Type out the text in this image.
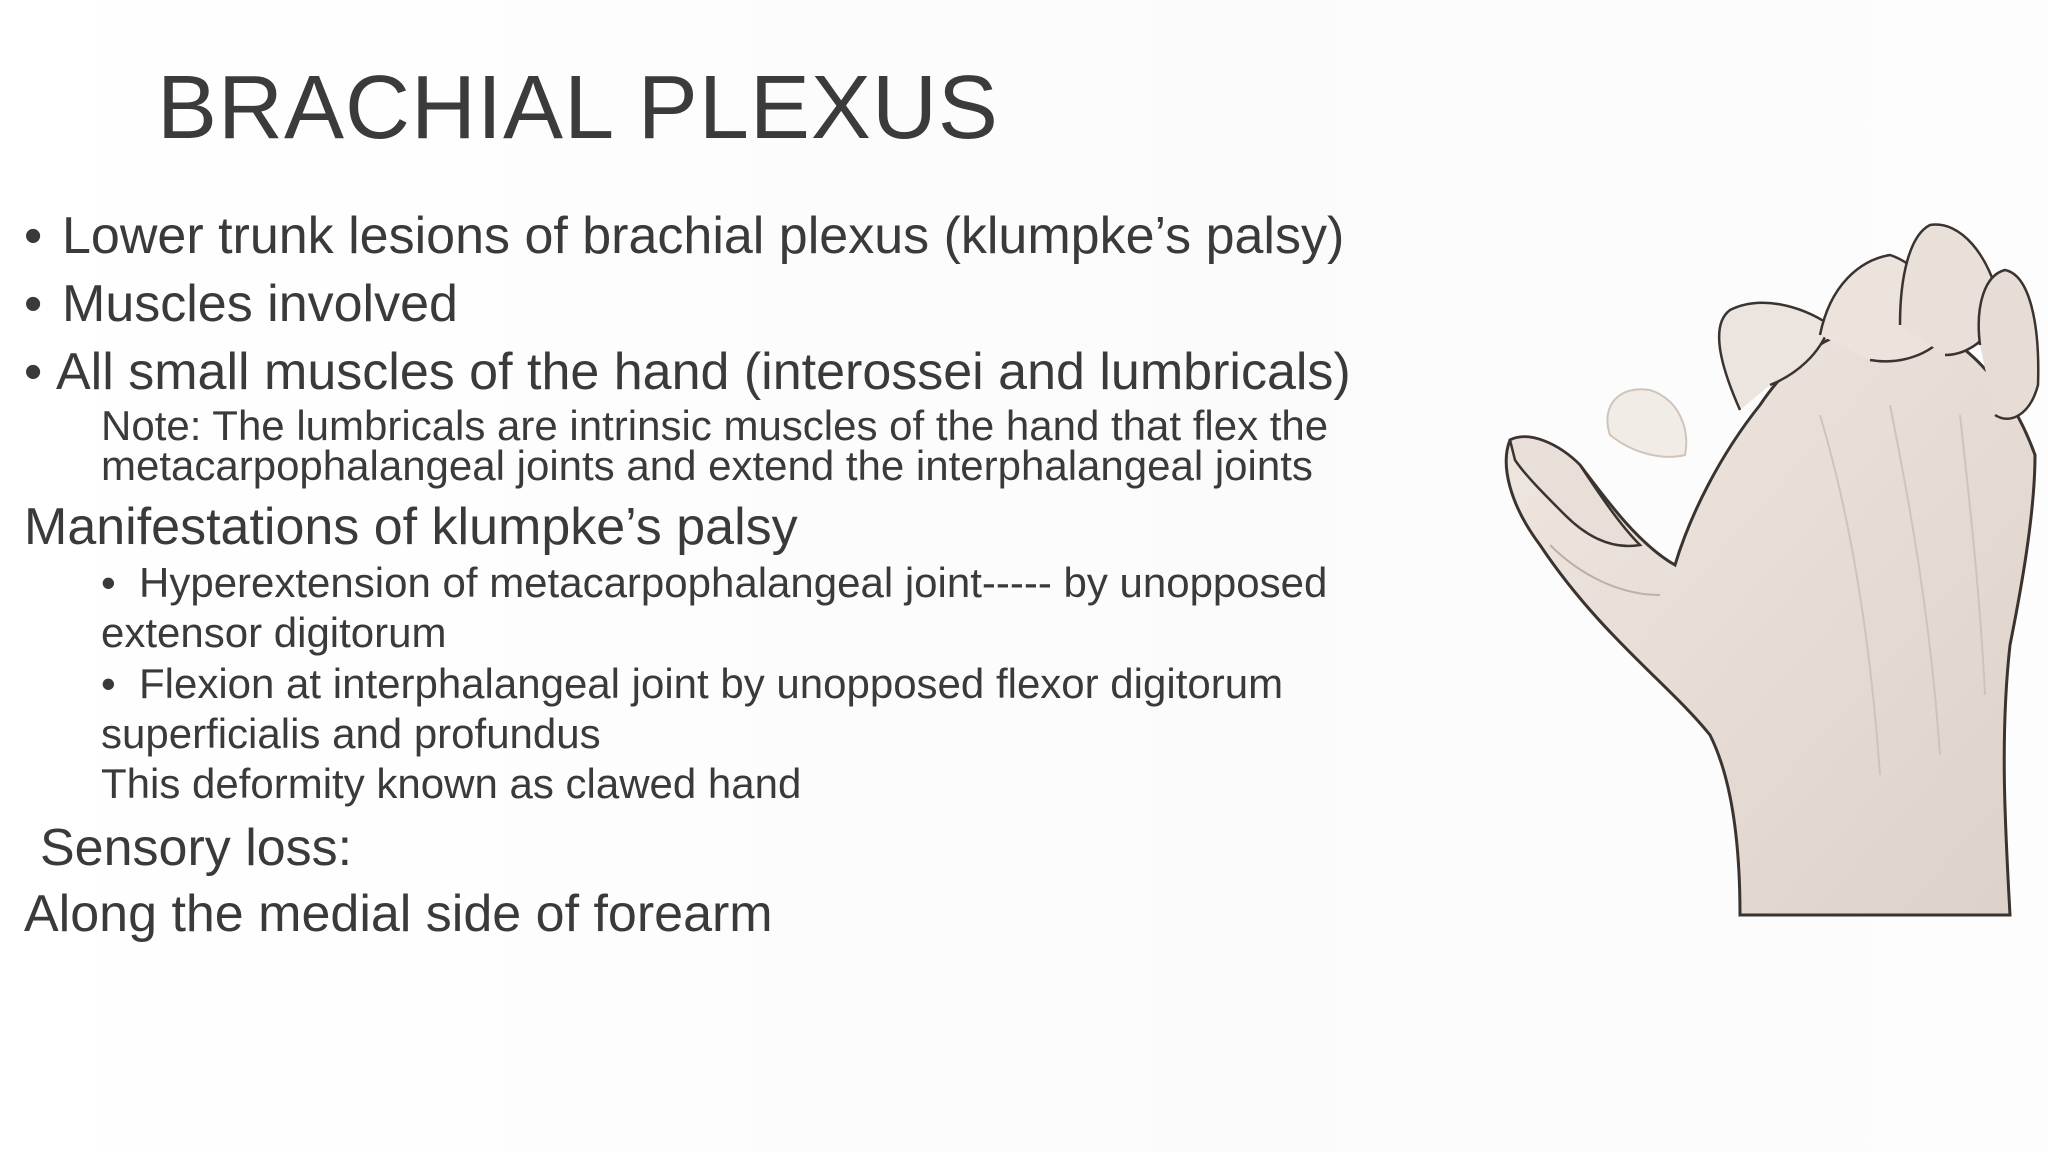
BRACHIAL PLEXUS
• Lower trunk lesions of brachial plexus (klumpke’s palsy)
• Muscles involved
• All small muscles of the hand (interossei and lumbricals)
Note: The lumbricals are intrinsic muscles of the hand that flex the
metacarpophalangeal joints and extend the interphalangeal joints
Manifestations of klumpke’s palsy
• Hyperextension of metacarpophalangeal joint----- by unopposed
extensor digitorum
• Flexion at interphalangeal joint by unopposed flexor digitorum
superficialis and profundus
This deformity known as clawed hand
Sensory loss:
Along the medial side of forearm
